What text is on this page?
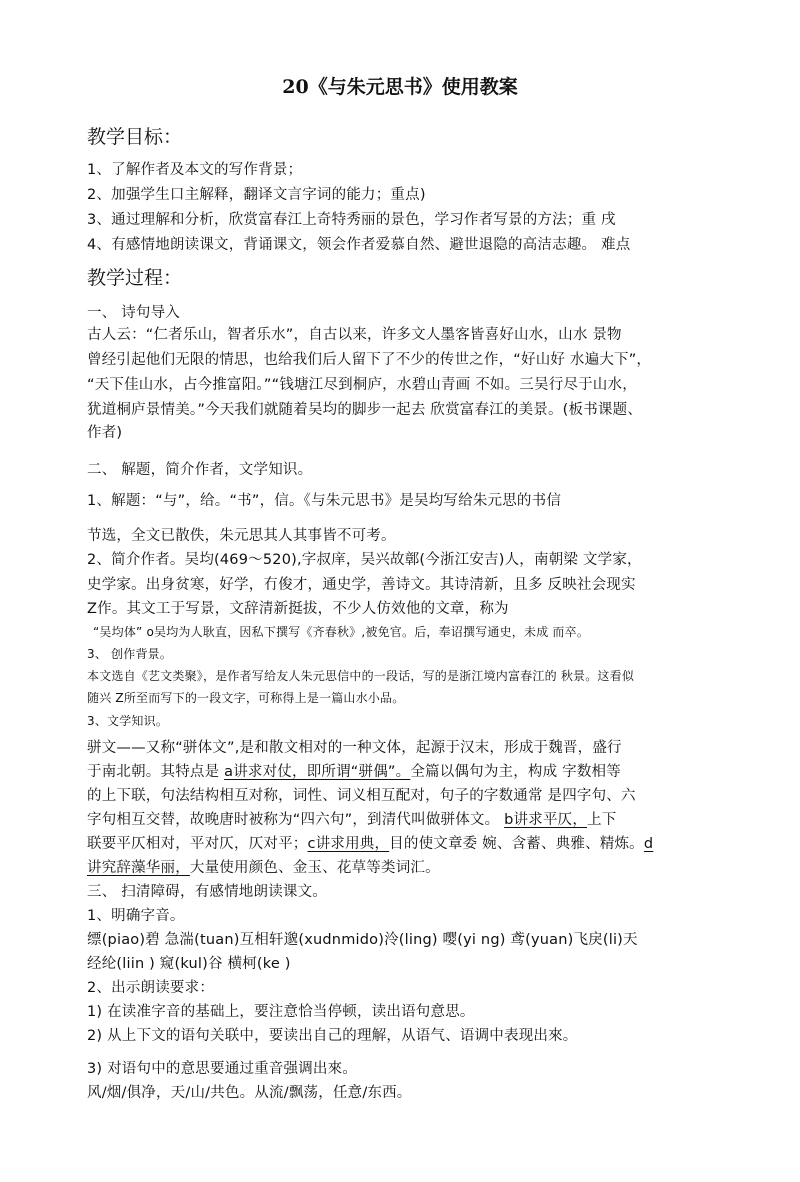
20《与朱元思书》使用教案
教学目标：
1、了解作者及本文的写作背景；
2、加强学生口主解释，翻译文言字词的能力；重点)
3、通过理解和分析，欣赏富春江上奇特秀丽的景色，学习作者写景的方法；重 戌
4、有感情地朗读课文，背诵课文，领会作者爱慕自然、避世退隐的高洁志趣。 难点
教学过程：
一、 诗句导入
古人云：“仁者乐山，智者乐水”，自古以来，许多文人墨客皆喜好山水，山水 景物
曾经引起他们无限的情思，也给我们后人留下了不少的传世之作，“好山好 水遍大下”，
“天下佳山水，占今推富阳。”“钱塘江尽到桐庐，水碧山青画 不如。三吴行尽于山水，
犹道桐庐景情美。”今天我们就随着吴均的脚步一起去 欣赏富春江的美景。(板书课题、
作者)
二、 解题，简介作者，文学知识。
1、解题：“与”，给。“书”，信。《与朱元思书》是吴均写给朱元思的书信
节选，全文已散佚，朱元思其人其事皆不可考。
2、简介作者。吴均(469～520),字叔庠，吴兴故鄣(今浙江安吉)人，南朝梁 文学家，
史学家。出身贫寒，好学，冇俊才，通史学，善诗文。其诗清新，且多 反映社会现实
Z作。其文工于写景，文辞清新挺拔，不少人仿效他的文章，称为
“吴均体” o吴均为人耿直，因私下撰写《齐春秋》,被免官。后，奉诏撰写通史，未成 而卒。
3、 创作背景。
本文选自《艺文类聚》，是作者写给友人朱元思信中的一段话，写的是浙江境内富春江的 秋景。这看似
随兴 Z所至而写下的一段文字，可称得上是一篇山水小品。
3、文学知识。
骈文——又称“骈体文”,是和散文相对的一种文体，起源于汉末，形成于魏晋，盛行
于南北朝。其特点是 a讲求对仗，即所谓“骈偶”。全篇以偶句为主，构成 字数相等
的上下联，句法结构相互对称，词性、词义相互配对，句子的字数通常 是四字句、六
字句相互交替，故晚唐时被称为“四六句”，到清代叫做骈体文。 b讲求平仄，上下
联要平仄相对，平对仄，仄对平；c讲求用典，目的使文章委 婉、含蓄、典雅、精炼。d
讲究辞藻华丽，大量使用颜色、金玉、花草等类词汇。
三、 扫清障碍，有感情地朗读课文。
1、明确字音。
缥(piao)碧 急湍(tuan)互相轩邈(xudnmido)泠(ling) 嘤(yi ng) 鸢(yuan)飞戾(li)天
经纶(liin ) 窥(kul)谷 横柯(ke )
2、出示朗读要求：
1) 在读准字音的基础上，要注意恰当停顿，读出语句意思。
2) 从上下文的语句关联中，要读出自己的理解，从语气、语调中表现出來。
3) 对语句中的意思要通过重音强调出來。
风/烟/俱净，天/山/共色。从流/飘荡，任意/东西。
